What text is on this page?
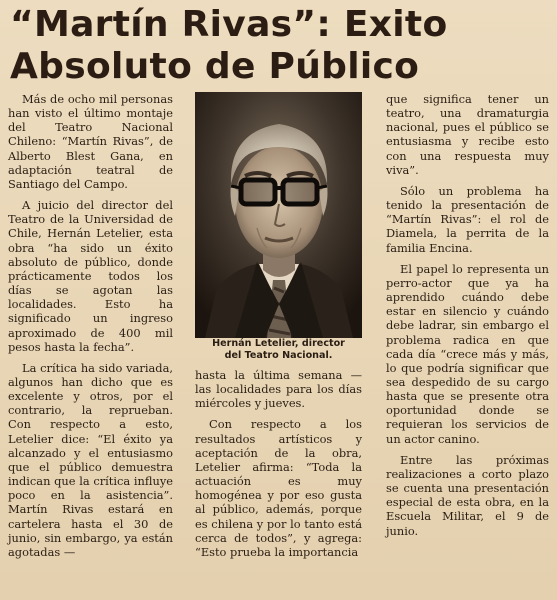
“Martín Rivas”: Exito
Absoluto de Público

Más de ocho mil personas han visto el último montaje del Teatro Nacional Chileno: “Martín Rivas”, de Alberto Blest Gana, en adaptación teatral de Santiago del Campo.

A juicio del director del Teatro de la Universidad de Chile, Hernán Letelier, esta obra “ha sido un éxito absoluto de público, donde prácticamente todos los días se agotan las localidades. Esto ha significado un ingreso aproximado de 400 mil pesos hasta la fecha”.

La crítica ha sido variada, algunos han dicho que es excelente y otros, por el contrario, la reprueban. Con respecto a esto, Letelier dice: “El éxito ya alcanzado y el entusiasmo que el público demuestra indican que la crítica influye poco en la asistencia”. Martín Rivas estará en cartelera hasta el 30 de junio, sin embargo, ya están agotadas —

Hernán Letelier, director
del Teatro Nacional.

hasta la última semana — las localidades para los días miércoles y jueves.

Con respecto a los resultados artísticos y aceptación de la obra, Letelier afirma: “Toda la actuación es muy homogénea y por eso gusta al público, además, porque es chilena y por lo tanto está cerca de todos”, y agrega: “Esto prueba la importancia

que significa tener un teatro, una dramaturgia nacional, pues el público se entusiasma y recibe esto con una respuesta muy viva”.

Sólo un problema ha tenido la presentación de “Martín Rivas”: el rol de Diamela, la perrita de la familia Encina.

El papel lo representa un perro-actor que ya ha aprendido cuándo debe estar en silencio y cuándo debe ladrar, sin embargo el problema radica en que cada día “crece más y más, lo que podría significar que sea despedido de su cargo hasta que se presente otra oportunidad donde se requieran los servicios de un actor canino.

Entre las próximas realizaciones a corto plazo se cuenta una presentación especial de esta obra, en la Escuela Militar, el 9 de junio.
